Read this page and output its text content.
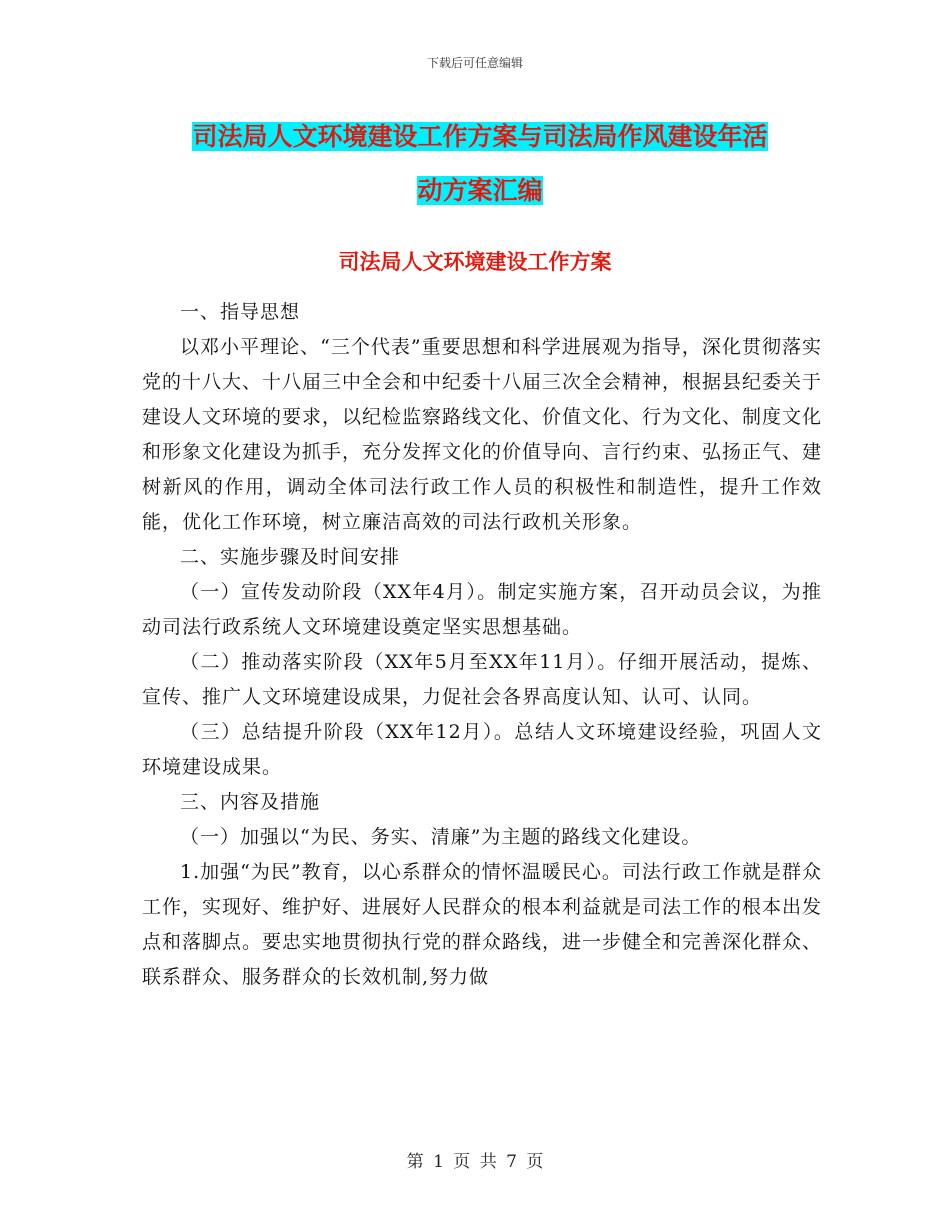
下载后可任意编辑
司法局人文环境建设工作方案与司法局作风建设年活
动方案汇编
司法局人文环境建设工作方案

一、指导思想

以邓小平理论、“三个代表”重要思想和科学进展观为指导，深化贯彻落实党的十八大、十八届三中全会和中纪委十八届三次全会精神，根据县纪委关于建设人文环境的要求，以纪检监察路线文化、价值文化、行为文化、制度文化和形象文化建设为抓手，充分发挥文化的价值导向、言行约束、弘扬正气、建树新风的作用，调动全体司法行政工作人员的积极性和制造性，提升工作效能，优化工作环境，树立廉洁高效的司法行政机关形象。

二、实施步骤及时间安排

（一）宣传发动阶段（XX年4月）。制定实施方案，召开动员会议，为推动司法行政系统人文环境建设奠定坚实思想基础。

（二）推动落实阶段（XX年5月至XX年11月）。仔细开展活动，提炼、宣传、推广人文环境建设成果，力促社会各界高度认知、认可、认同。

（三）总结提升阶段（XX年12月）。总结人文环境建设经验，巩固人文环境建设成果。

三、内容及措施

（一）加强以“为民、务实、清廉”为主题的路线文化建设。

1.加强“为民”教育，以心系群众的情怀温暖民心。司法行政工作就是群众工作，实现好、维护好、进展好人民群众的根本利益就是司法工作的根本出发点和落脚点。要忠实地贯彻执行党的群众路线，进一步健全和完善深化群众、联系群众、服务群众的长效机制,努力做

第 1 页 共 7 页
